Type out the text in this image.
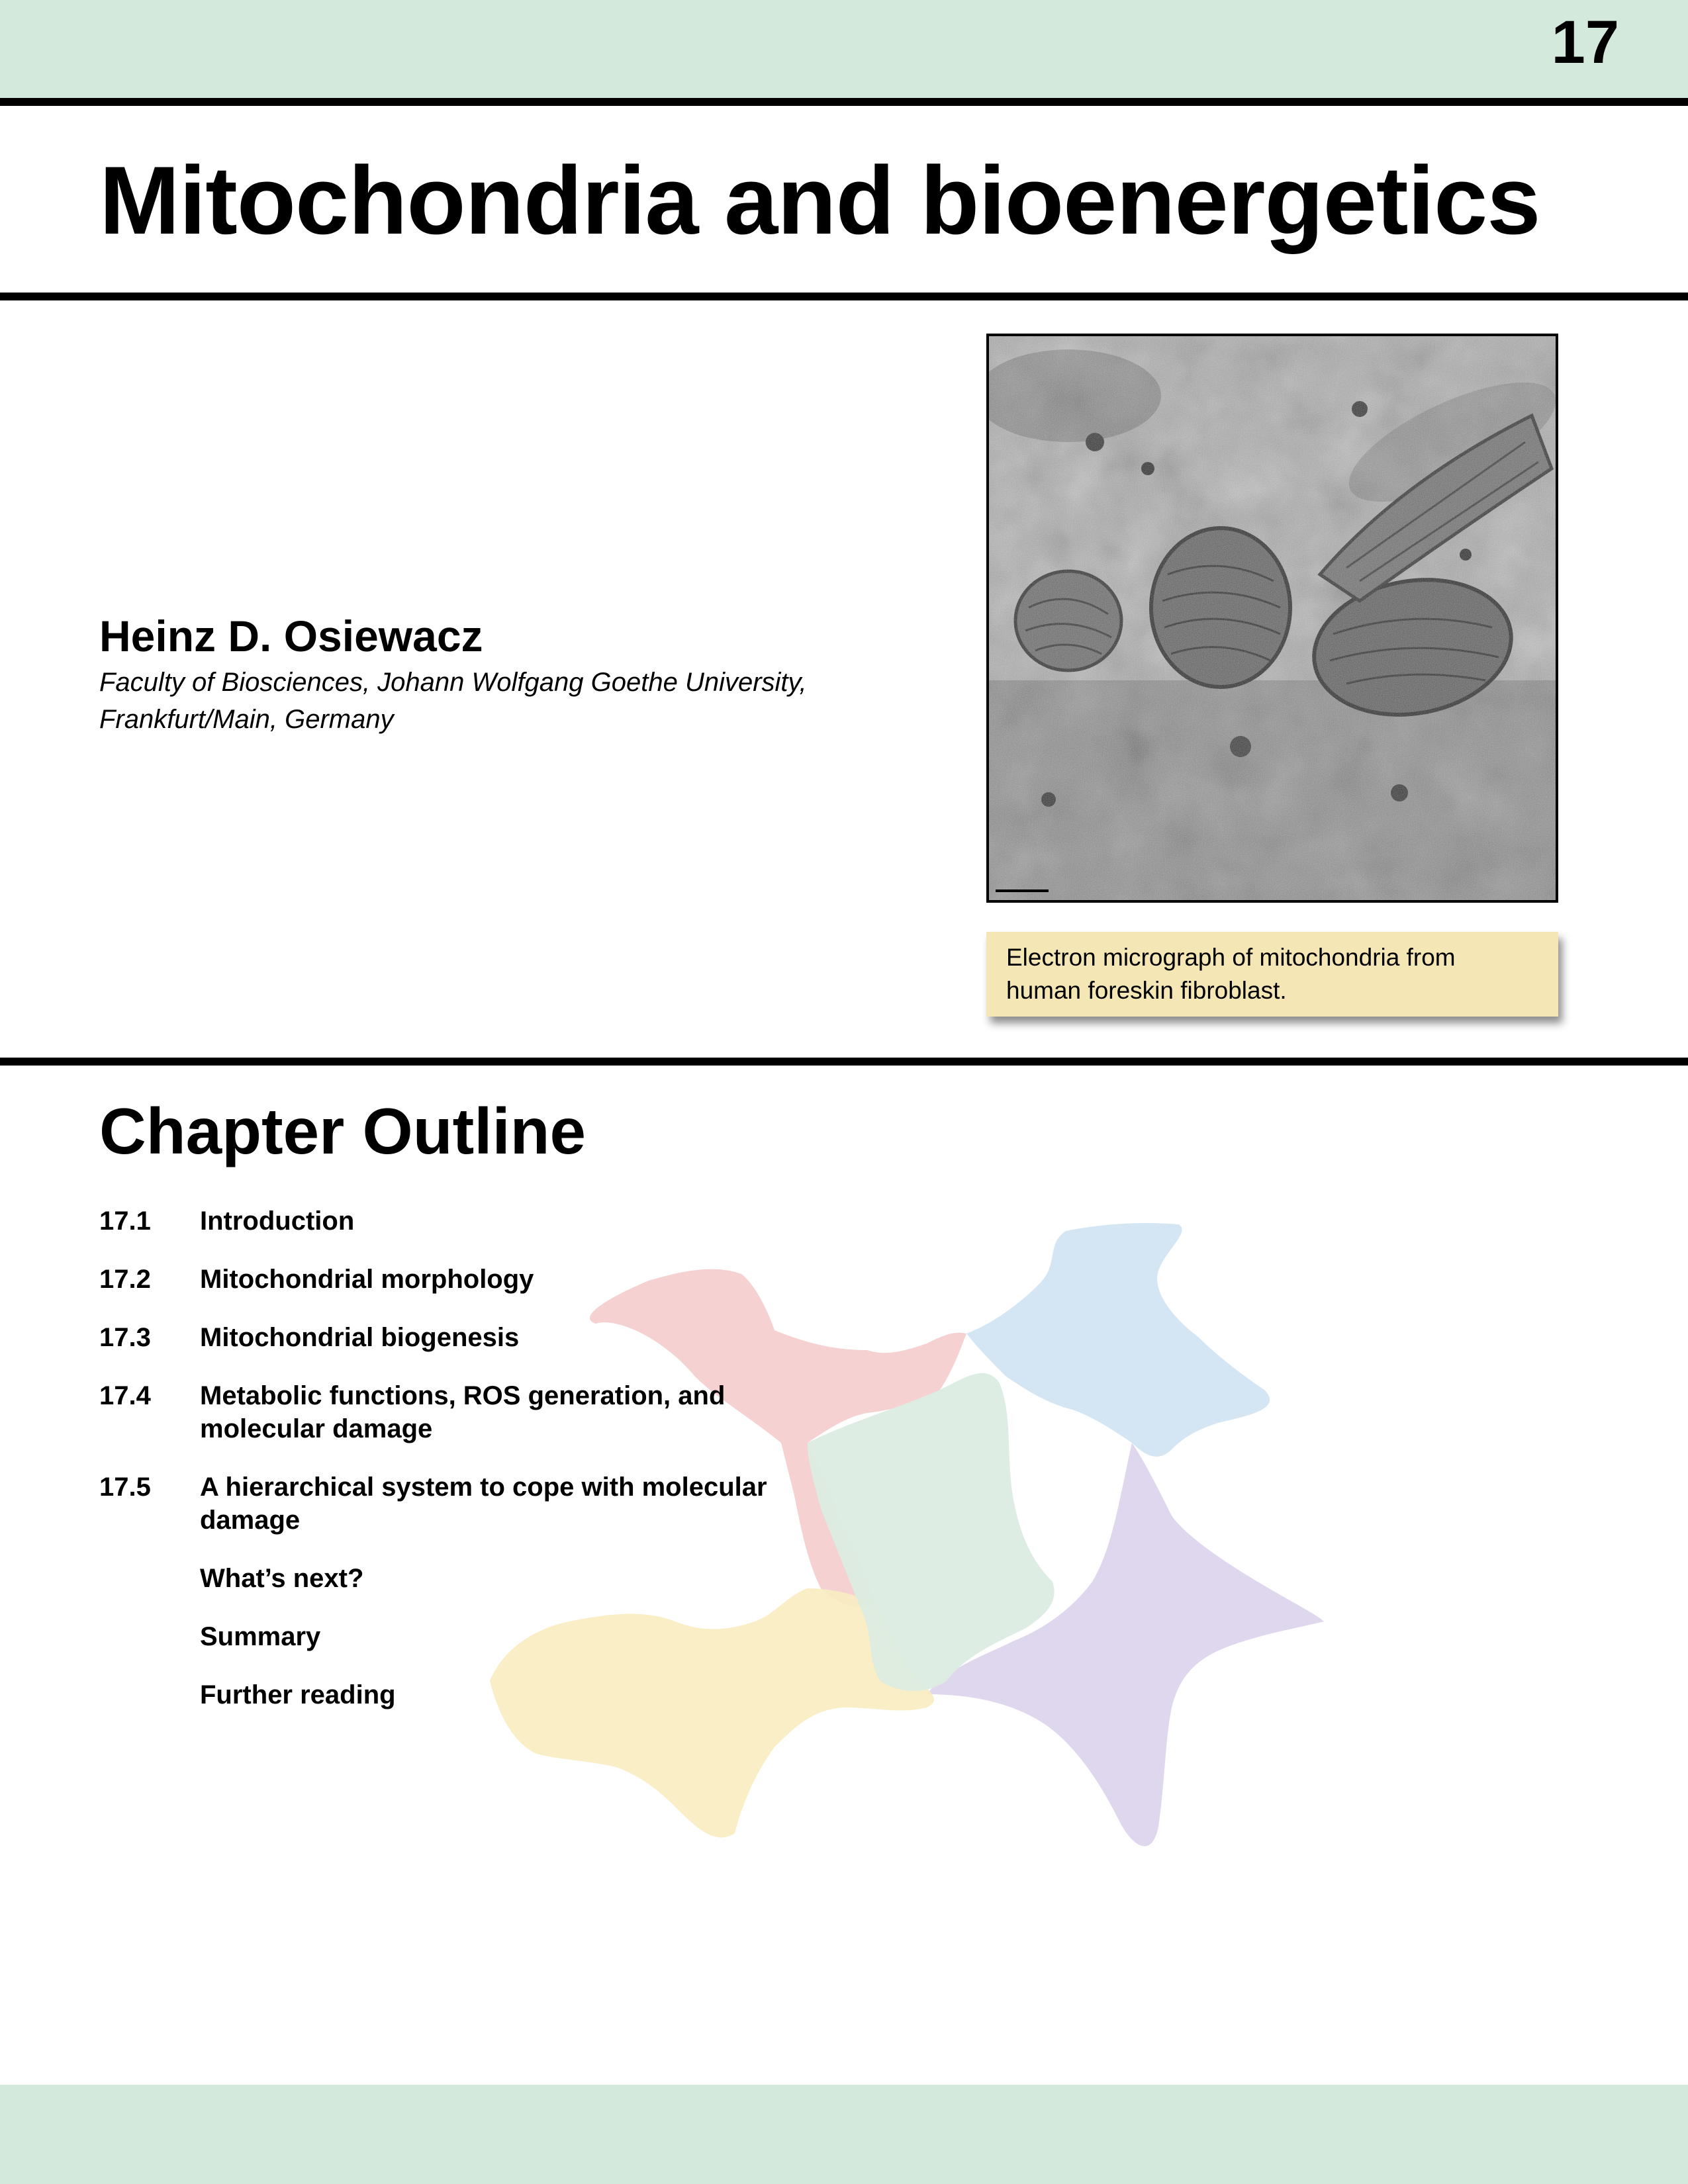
17
Mitochondria and bioenergetics
Heinz D. Osiewacz
Faculty of Biosciences, Johann Wolfgang Goethe University,
Frankfurt/Main, Germany
Electron micrograph of mitochondria from
human foreskin fibroblast.
Chapter Outline
17.1	Introduction
17.2	Mitochondrial morphology
17.3	Mitochondrial biogenesis
17.4	Metabolic functions, ROS generation, and molecular damage
17.5	A hierarchical system to cope with molecular damage
What’s next?
Summary
Further reading
